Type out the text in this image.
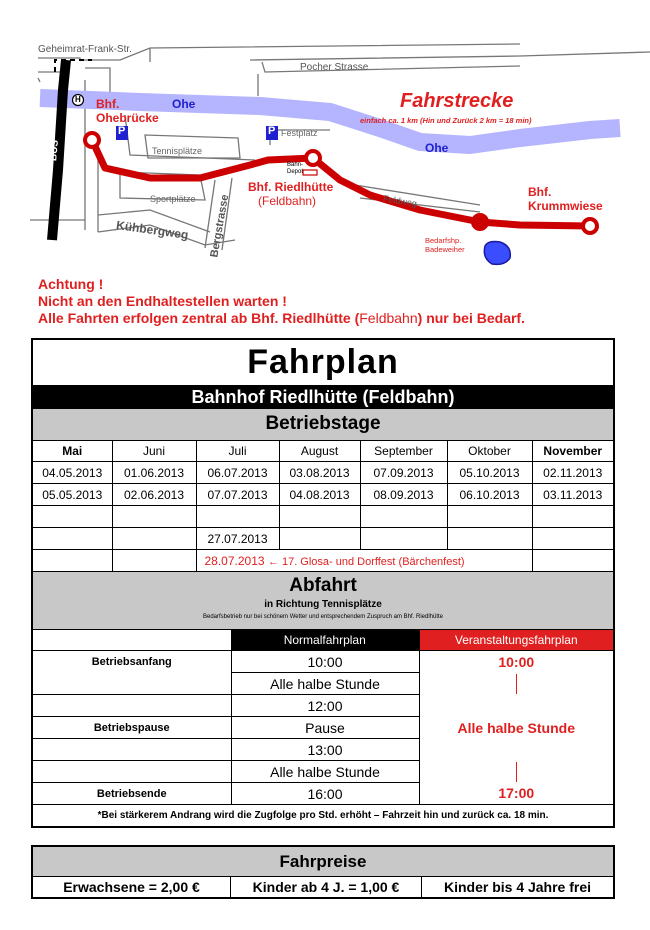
Geheimrat-Frank-Str.
Pocher Strasse
Ohe
Ohe
Bhf.
Ohebrücke
P	P
H
Tennisplätze
Festplatz
Bahn-
Depot
Sportplätze
Bhf. Riedlhütte
(Feldbahn)	Feldweg
Kühbergweg Bergstrasse
BUS
Fahrstrecke
einfach ca. 1 km (Hin und Zurück 2 km = 18 min)
Bhf.
Krummwiese
Bedarfshp.
Badeweiher
Achtung !
Nicht an den Endhaltestellen warten !
Alle Fahrten erfolgen zentral ab Bhf. Riedlhütte (Feldbahn) nur bei Bedarf.
Fahrplan
Bahnhof Riedlhütte (Feldbahn)
Betriebstage
Mai	Juni	Juli	August	September	Oktober	November
04.05.2013	01.06.2013	06.07.2013	03.08.2013	07.09.2013	05.10.2013	02.11.2013
05.05.2013	02.06.2013	07.07.2013	04.08.2013	08.09.2013	06.10.2013	03.11.2013

		27.07.2013				
		28.07.2013 ← 17. Glosa- und Dorffest (Bärchenfest)				
Abfahrt
in Richtung Tennisplätze
Bedarfsbetrieb nur bei schönem Wetter und entsprechendem Zuspruch am Bhf. Riedlhütte
	Normalfahrplan	Veranstaltungsfahrplan
Betriebsanfang	10:00	10:00
	Alle halbe Stunde	

	12:00	
Betriebspause	Pause	Alle halbe Stunde
	13:00	
	Alle halbe Stunde	

Betriebsende	16:00	17:00
*Bei stärkerem Andrang wird die Zugfolge pro Std. erhöht – Fahrzeit hin und zurück ca. 18 min.
Fahrpreise
Erwachsene = 2,00 €	Kinder ab 4 J. = 1,00 €	Kinder bis 4 Jahre frei
